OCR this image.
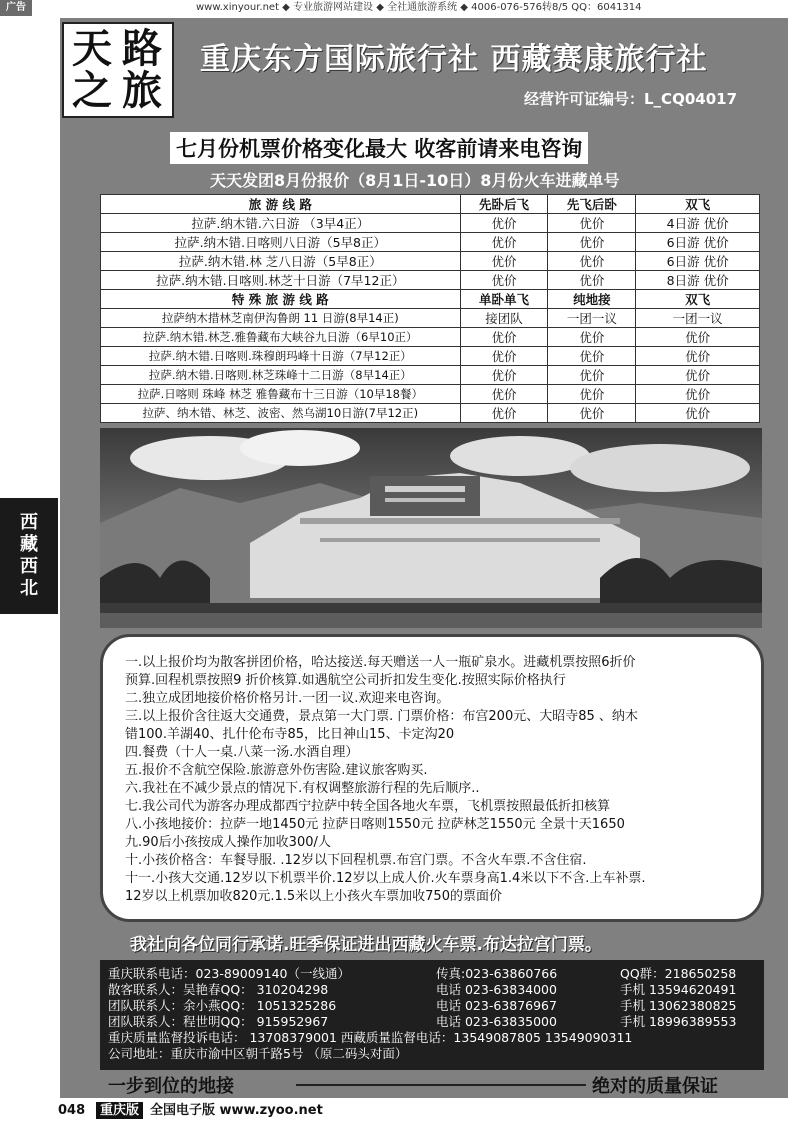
广告	www.xinyour.net ◆ 专业旅游网站建设 ◆ 全社通旅游系统 ◆ 4006-076-576转8/5 QQ：6041314
天路
之旅
重庆东方国际旅行社 西藏赛康旅行社
经营许可证编号：L_CQ04017
七月份机票价格变化最大 收客前请来电咨询
天天发团8月份报价（8月1日-10日）8月份火车进藏单号
旅 游 线 路	先卧后飞	先飞后卧	双飞
拉萨.纳木错.六日游 （3早4正）	优价	优价	4日游 优价
拉萨.纳木错.日喀则八日游（5早8正）	优价	优价	6日游 优价
拉萨.纳木错.林 芝八日游（5早8正）	优价	优价	6日游 优价
拉萨.纳木错.日喀则.林芝十日游（7早12正）	优价	优价	8日游 优价
特 殊 旅 游 线 路	单卧单飞	纯地接	双飞
拉萨纳木措林芝南伊沟鲁朗 11 日游(8早14正)	接团队	一团一议	一团一议
拉萨.纳木错.林芝.雅鲁藏布大峡谷九日游（6早10正）	优价	优价	优价
拉萨.纳木错.日喀则.珠穆朗玛峰十日游（7早12正）	优价	优价	优价
拉萨.纳木错.日喀则.林芝珠峰十二日游（8早14正）	优价	优价	优价
拉萨.日喀则 珠峰 林芝 雅鲁藏布十三日游（10早18餐）	优价	优价	优价
拉萨、纳木错、林芝、波密、然乌湖10日游(7早12正)	优价	优价	优价
一.以上报价均为散客拼团价格，哈达接送.每天赠送一人一瓶矿泉水。进藏机票按照6折价
预算.回程机票按照9 折价核算.如遇航空公司折扣发生变化.按照实际价格执行
二.独立成团地接价格价格另计.一团一议.欢迎来电咨询。
三.以上报价含往返大交通费，景点第一大门票. 门票价格：布宫200元、大昭寺85 、纳木
错100.羊湖40、扎什伦布寺85，比日神山15、卡定沟20
四.餐费（十人一桌.八菜一汤.水酒自理）
五.报价不含航空保险.旅游意外伤害险.建议旅客购买.
六.我社在不减少景点的情况下.有权调整旅游行程的先后顺序..
七.我公司代为游客办理成都西宁拉萨中转全国各地火车票，飞机票按照最低折扣核算
八.小孩地接价：拉萨一地1450元 拉萨日喀则1550元 拉萨林芝1550元 全景十天1650
九.90后小孩按成人操作加收300/人
十.小孩价格含：车餐导服. .12岁以下回程机票.布宫门票。不含火车票.不含住宿.
十一.小孩大交通.12岁以下机票半价.12岁以上成人价.火车票身高1.4米以下不含.上车补票.
12岁以上机票加收820元.1.5米以上小孩火车票加收750的票面价
我社向各位同行承诺.旺季保证进出西藏火车票.布达拉宫门票。
重庆联系电话：023-89009140（一线通）	传真:023-63860766	QQ群：218650258
散客联系人：吴艳春QQ： 310204298	电话 023-63834000	手机 13594620491
团队联系人：余小燕QQ： 1051325286	电话 023-63876967	手机 13062380825
团队联系人：程世明QQ： 915952967	电话 023-63835000	手机 18996389553
重庆质量监督投诉电话： 13708379001 西藏质量监督电话：13549087805 13549090311
公司地址：重庆市渝中区朝千路5号 （原二码头对面）
一步到位的地接	绝对的质量保证
西
藏
西
北
048	重庆版 全国电子版 www.zyoo.net
